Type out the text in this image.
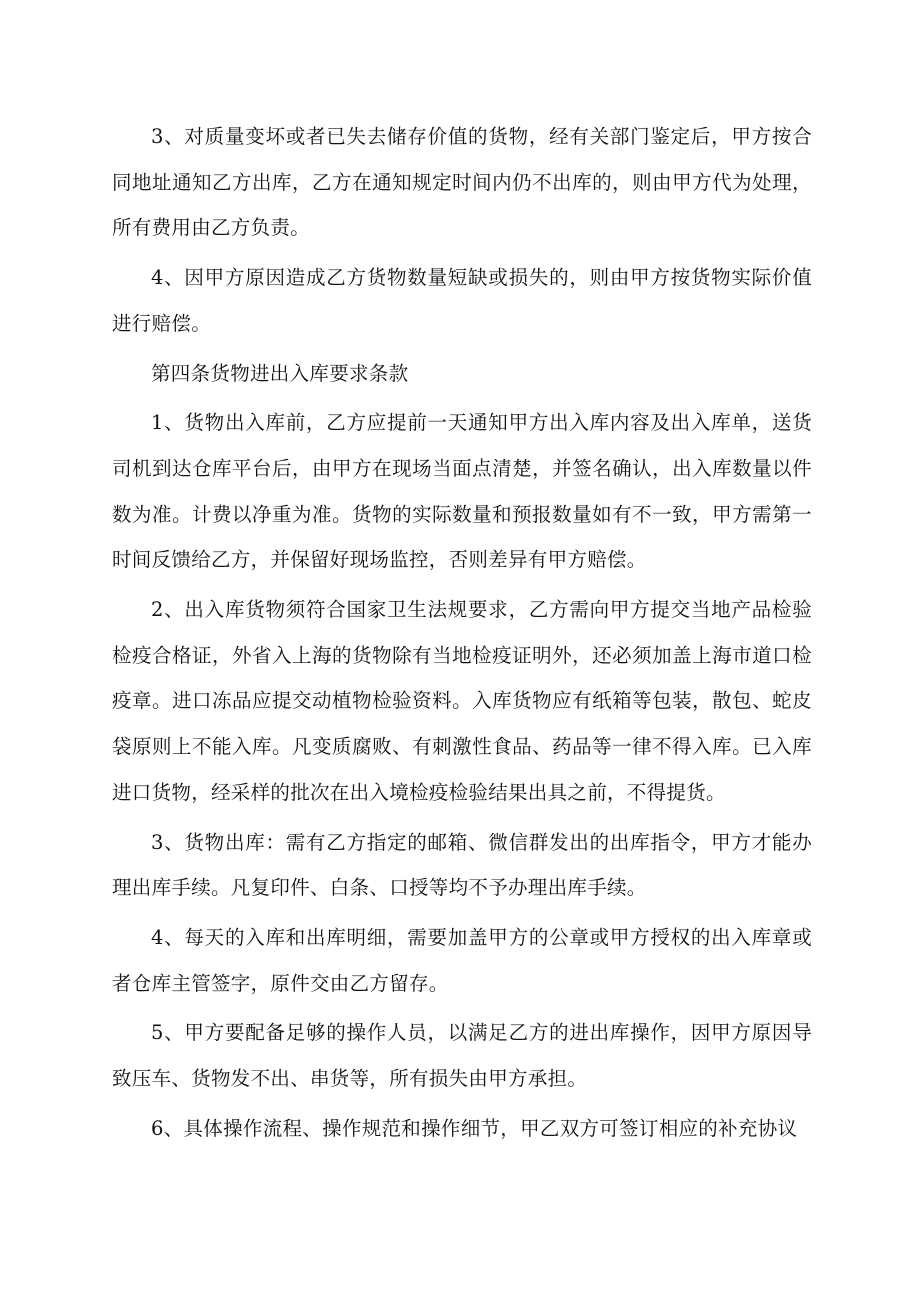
3、对质量变坏或者已失去储存价值的货物，经有关部门鉴定后，甲方按合同地址通知乙方出库，乙方在通知规定时间内仍不出库的，则由甲方代为处理，所有费用由乙方负责。

4、因甲方原因造成乙方货物数量短缺或损失的，则由甲方按货物实际价值进行赔偿。

第四条货物进出入库要求条款

1、货物出入库前，乙方应提前一天通知甲方出入库内容及出入库单，送货司机到达仓库平台后，由甲方在现场当面点清楚，并签名确认，出入库数量以件数为准。计费以净重为准。货物的实际数量和预报数量如有不一致，甲方需第一时间反馈给乙方，并保留好现场监控，否则差异有甲方赔偿。

2、出入库货物须符合国家卫生法规要求，乙方需向甲方提交当地产品检验检疫合格证，外省入上海的货物除有当地检疫证明外，还必须加盖上海市道口检疫章。进口冻品应提交动植物检验资料。入库货物应有纸箱等包装，散包、蛇皮袋原则上不能入库。凡变质腐败、有刺激性食品、药品等一律不得入库。已入库进口货物，经采样的批次在出入境检疫检验结果出具之前，不得提货。

3、货物出库：需有乙方指定的邮箱、微信群发出的出库指令，甲方才能办理出库手续。凡复印件、白条、口授等均不予办理出库手续。

4、每天的入库和出库明细，需要加盖甲方的公章或甲方授权的出入库章或者仓库主管签字，原件交由乙方留存。

5、甲方要配备足够的操作人员，以满足乙方的进出库操作，因甲方原因导致压车、货物发不出、串货等，所有损失由甲方承担。

6、具体操作流程、操作规范和操作细节，甲乙双方可签订相应的补充协议
